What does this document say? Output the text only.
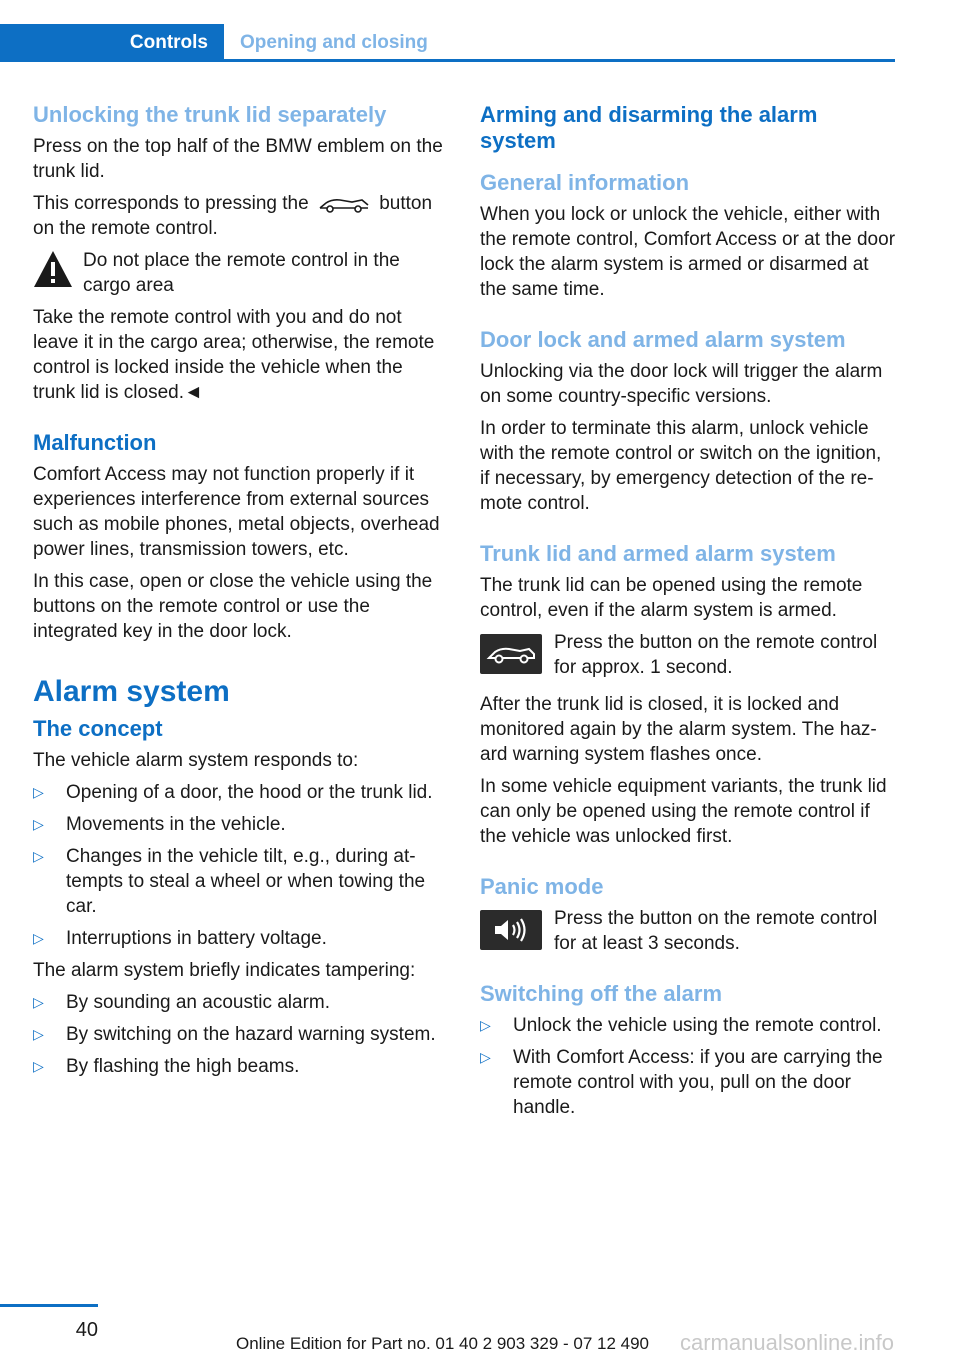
Controls	Opening and closing
Unlocking the trunk lid separately

Press on the top half of the BMW emblem on the trunk lid.

This corresponds to pressing the	button on the remote control.

Do not place the remote control in the cargo area

Take the remote control with you and do not leave it in the cargo area; otherwise, the remote control is locked inside the vehicle when the trunk lid is closed.◄

Malfunction

Comfort Access may not function properly if it experiences interference from external sources such as mobile phones, metal objects, overhead power lines, transmission towers, etc.

In this case, open or close the vehicle using the buttons on the remote control or use the integrated key in the door lock.

Alarm system
The concept

The vehicle alarm system responds to:

▷ Opening of a door, the hood or the trunk lid.
▷ Movements in the vehicle.
▷ Changes in the vehicle tilt, e.g., during at-tempts to steal a wheel or when towing the car.
▷ Interruptions in battery voltage.

The alarm system briefly indicates tampering:

▷ By sounding an acoustic alarm.
▷ By switching on the hazard warning system.
▷ By flashing the high beams.
Arming and disarming the alarm system
General information

When you lock or unlock the vehicle, either with the remote control, Comfort Access or at the door lock the alarm system is armed or disarmed at the same time.

Door lock and armed alarm system

Unlocking via the door lock will trigger the alarm on some country-specific versions.

In order to terminate this alarm, unlock vehicle with the remote control or switch on the ignition, if necessary, by emergency detection of the re-mote control.

Trunk lid and armed alarm system

The trunk lid can be opened using the remote control, even if the alarm system is armed.

Press the button on the remote control for approx. 1 second.

After the trunk lid is closed, it is locked and monitored again by the alarm system. The haz-ard warning system flashes once.

In some vehicle equipment variants, the trunk lid can only be opened using the remote control if the vehicle was unlocked first.

Panic mode

Press the button on the remote control for at least 3 seconds.

Switching off the alarm
▷ Unlock the vehicle using the remote control.
▷ With Comfort Access: if you are carrying the remote control with you, pull on the door handle.
40
Online Edition for Part no. 01 40 2 903 329 - 07 12 490 carmanualsonline.info
